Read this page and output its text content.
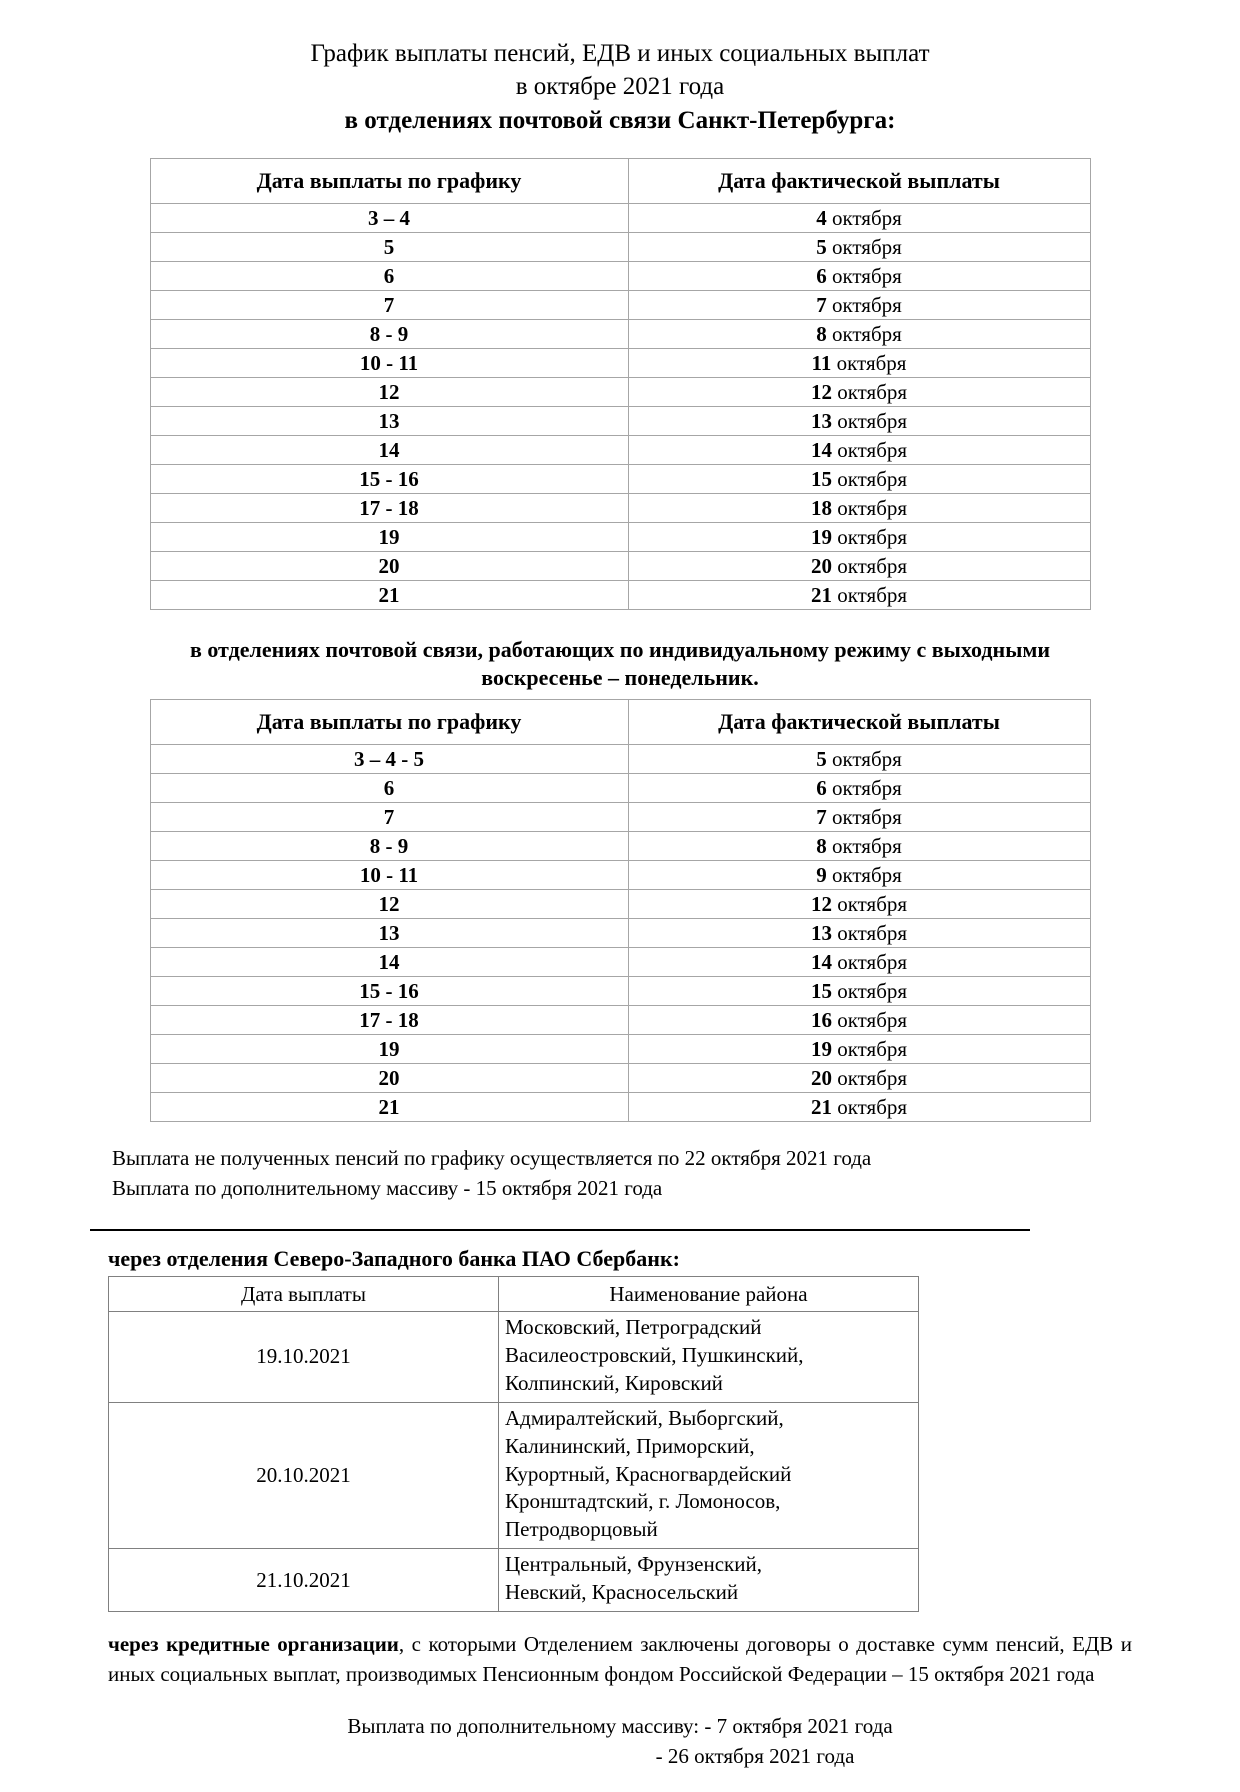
График выплаты пенсий, ЕДВ и иных социальных выплат
в октябре 2021 года
в отделениях почтовой связи Санкт-Петербурга:
Дата выплаты по графику	Дата фактической выплаты
3 – 4	4 октября
5	5 октября
6	6 октября
7	7 октября
8 - 9	8 октября
10 - 11	11 октября
12	12 октября
13	13 октября
14	14 октября
15 - 16	15 октября
17 - 18	18 октября
19	19 октября
20	20 октября
21	21 октября
в отделениях почтовой связи, работающих по индивидуальному режиму с выходными
воскресенье – понедельник.
Дата выплаты по графику	Дата фактической выплаты
3 – 4 - 5	5 октября
6	6 октября
7	7 октября
8 - 9	8 октября
10 - 11	9 октября
12	12 октября
13	13 октября
14	14 октября
15 - 16	15 октября
17 - 18	16 октября
19	19 октября
20	20 октября
21	21 октября
Выплата не полученных пенсий по графику осуществляется по 22 октября 2021 года
Выплата по дополнительному массиву - 15 октября 2021 года
через отделения Северо-Западного банка ПАО Сбербанк:
Дата выплаты	Наименование района
19.10.2021	Московский, Петроградский
Василеостровский, Пушкинский,
Колпинский, Кировский

20.10.2021	Адмиралтейский, Выборгский,
Калининский, Приморский,
Курортный, Красногвардейский
Кронштадтский, г. Ломоносов,
Петродворцовый

21.10.2021	Центральный, Фрунзенский,
Невский, Красносельский

через кредитные организации, с которыми Отделением заключены договоры о доставке сумм пенсий, ЕДВ и иных социальных выплат, производимых Пенсионным фондом Российской Федерации – 15 октября 2021 года

Выплата по дополнительному массиву: - 7 октября 2021 года
- 26 октября 2021 года
